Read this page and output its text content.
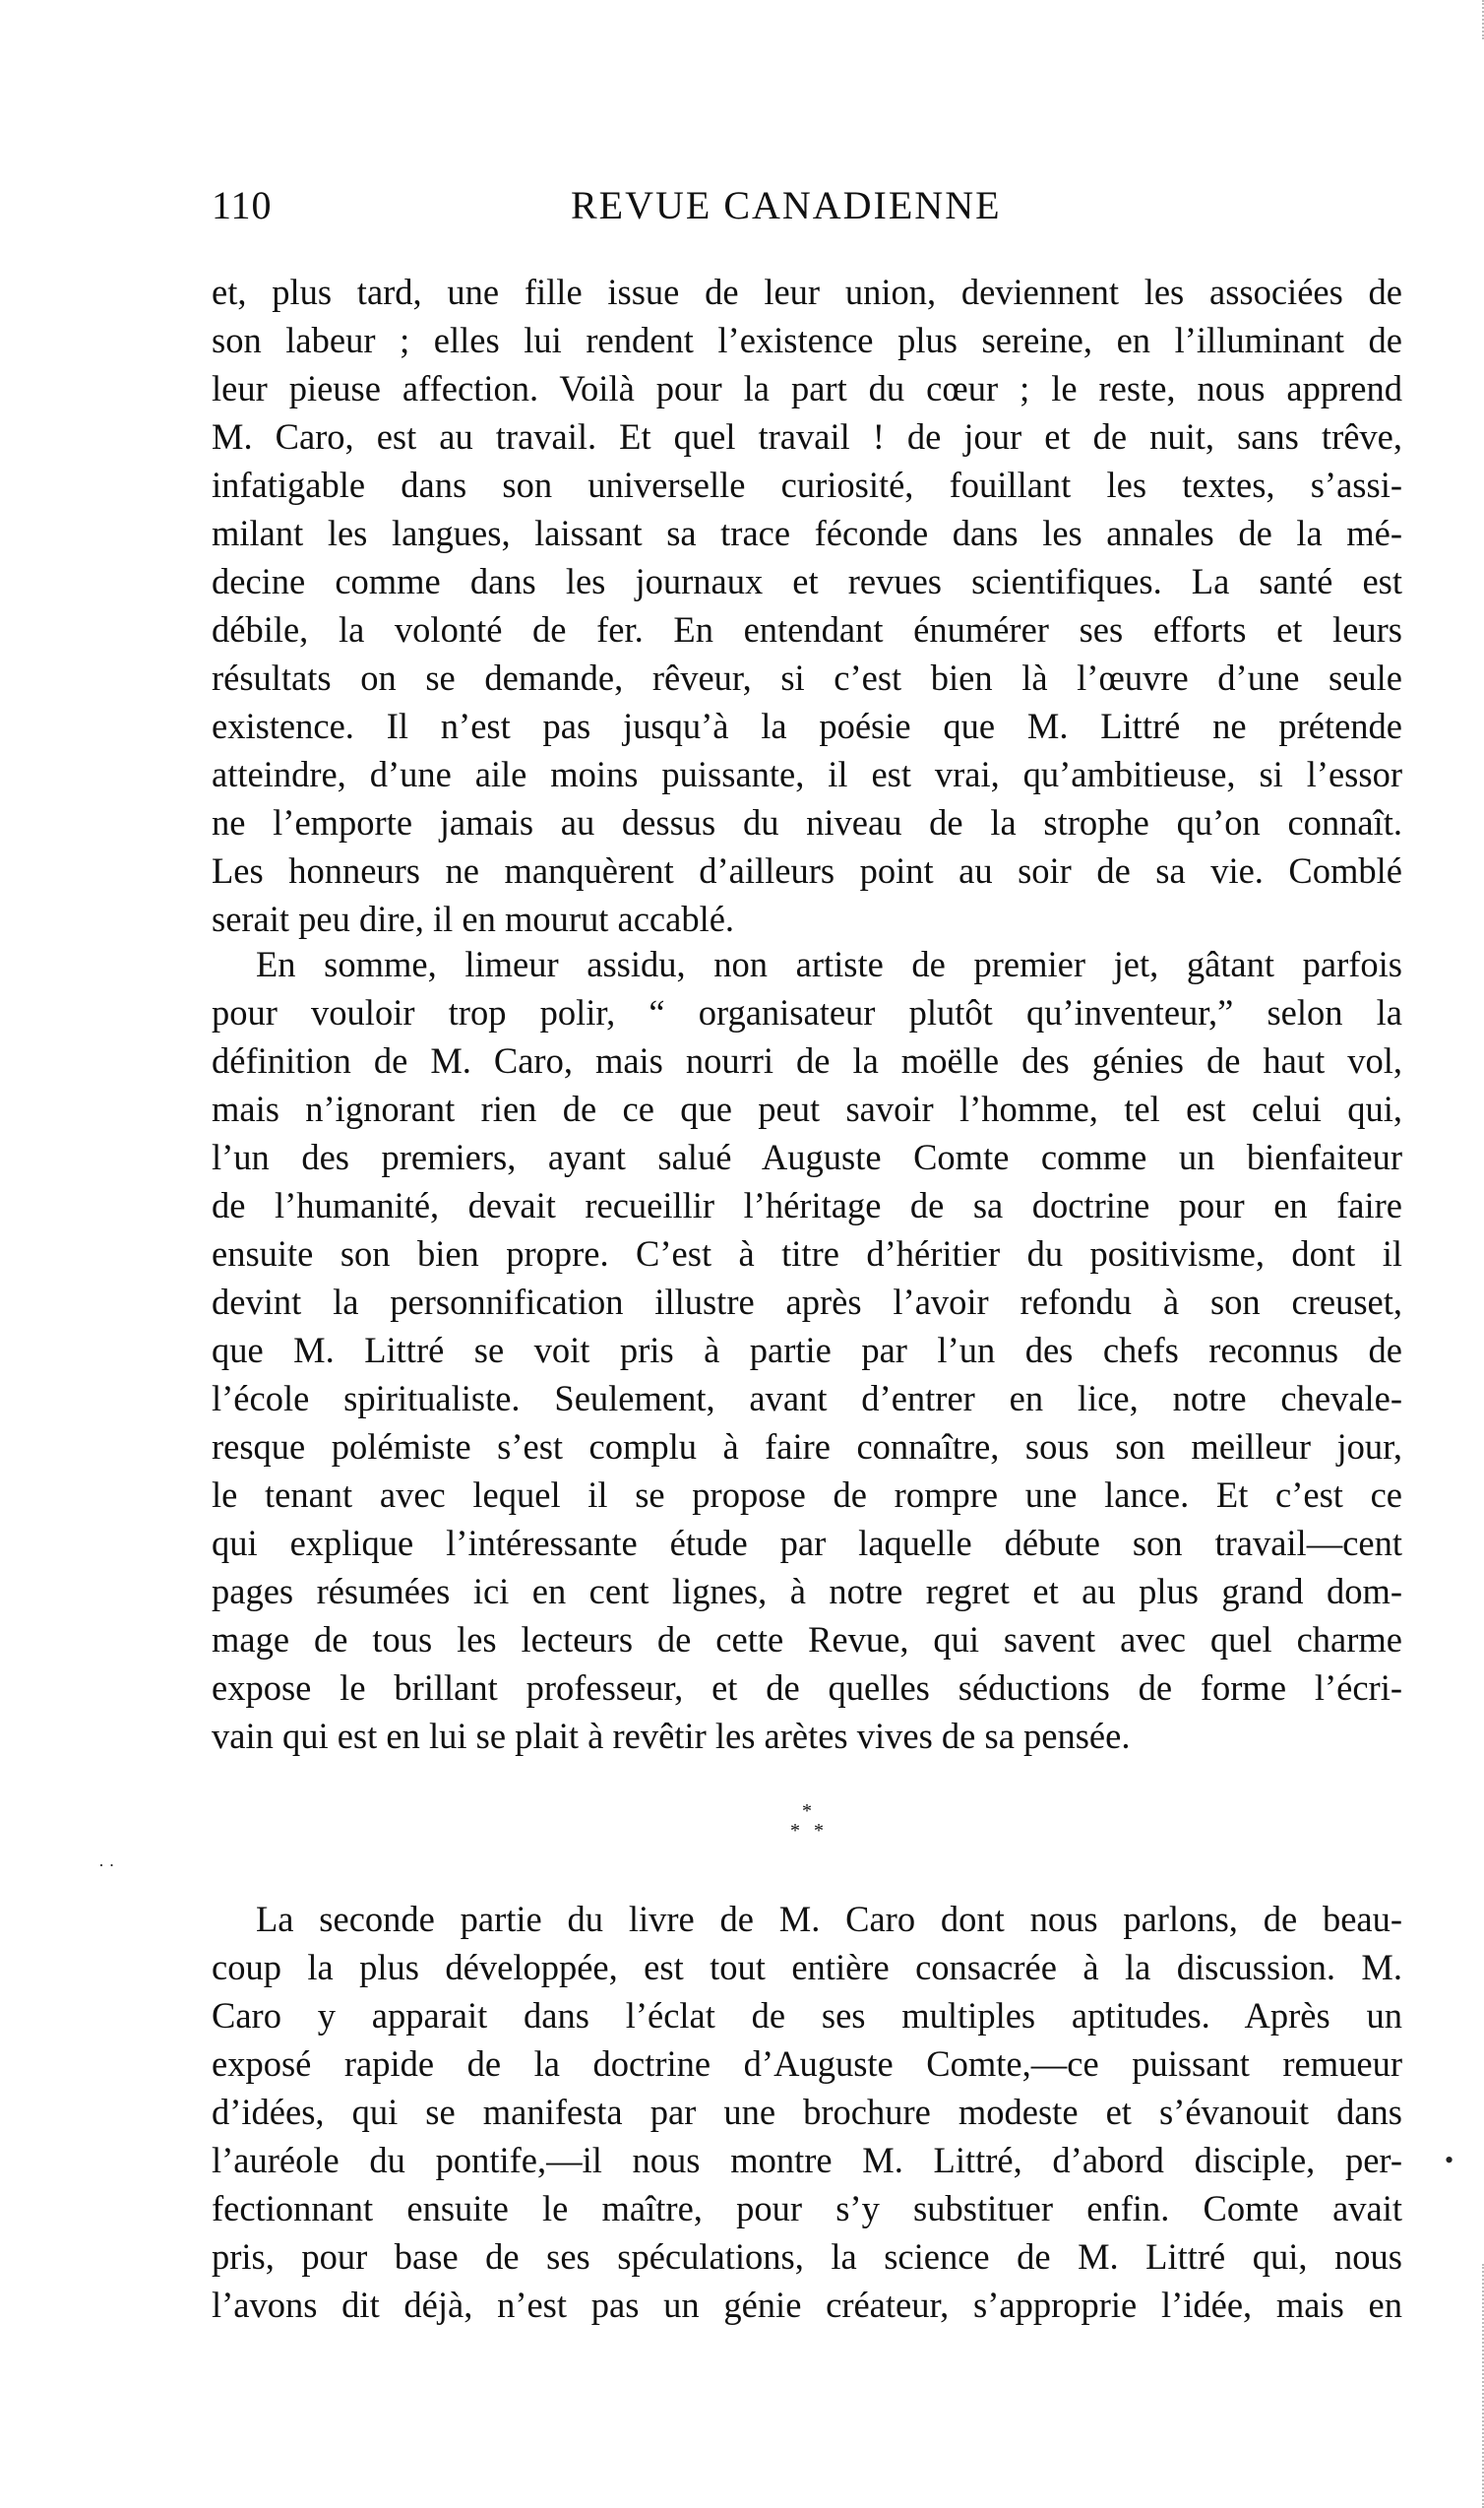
110	REVUE CANADIENNE
et, plus tard, une fille issue de leur union, deviennent les associées de
son labeur ; elles lui rendent l’existence plus sereine, en l’illuminant de
leur pieuse affection. Voilà pour la part du cœur ; le reste, nous apprend
M. Caro, est au travail. Et quel travail ! de jour et de nuit, sans trêve,
infatigable dans son universelle curiosité, fouillant les textes, s’assi-
milant les langues, laissant sa trace féconde dans les annales de la mé-
decine comme dans les journaux et revues scientifiques. La santé est
débile, la volonté de fer. En entendant énumérer ses efforts et leurs
résultats on se demande, rêveur, si c’est bien là l’œuvre d’une seule
existence. Il n’est pas jusqu’à la poésie que M. Littré ne prétende
atteindre, d’une aile moins puissante, il est vrai, qu’ambitieuse, si l’essor
ne l’emporte jamais au dessus du niveau de la strophe qu’on connaît.
Les honneurs ne manquèrent d’ailleurs point au soir de sa vie. Comblé
serait peu dire, il en mourut accablé.
En somme, limeur assidu, non artiste de premier jet, gâtant parfois
pour vouloir trop polir, “ organisateur plutôt qu’inventeur,” selon la
définition de M. Caro, mais nourri de la moëlle des génies de haut vol,
mais n’ignorant rien de ce que peut savoir l’homme, tel est celui qui,
l’un des premiers, ayant salué Auguste Comte comme un bienfaiteur
de l’humanité, devait recueillir l’héritage de sa doctrine pour en faire
ensuite son bien propre. C’est à titre d’héritier du positivisme, dont il
devint la personnification illustre après l’avoir refondu à son creuset,
que M. Littré se voit pris à partie par l’un des chefs reconnus de
l’école spiritualiste. Seulement, avant d’entrer en lice, notre chevale-
resque polémiste s’est complu à faire connaître, sous son meilleur jour,
le tenant avec lequel il se propose de rompre une lance. Et c’est ce
qui explique l’intéressante étude par laquelle débute son travail—cent
pages résumées ici en cent lignes, à notre regret et au plus grand dom-
mage de tous les lecteurs de cette Revue, qui savent avec quel charme
expose le brillant professeur, et de quelles séductions de forme l’écri-
vain qui est en lui se plait à revêtir les arètes vives de sa pensée.
*
* *
La seconde partie du livre de M. Caro dont nous parlons, de beau-
coup la plus développée, est tout entière consacrée à la discussion. M.
Caro y apparait dans l’éclat de ses multiples aptitudes. Après un
exposé rapide de la doctrine d’Auguste Comte,—ce puissant remueur
d’idées, qui se manifesta par une brochure modeste et s’évanouit dans
l’auréole du pontife,—il nous montre M. Littré, d’abord disciple, per-
fectionnant ensuite le maître, pour s’y substituer enfin. Comte avait
pris, pour base de ses spéculations, la science de M. Littré qui, nous
l’avons dit déjà, n’est pas un génie créateur, s’approprie l’idée, mais en
•
· ·
